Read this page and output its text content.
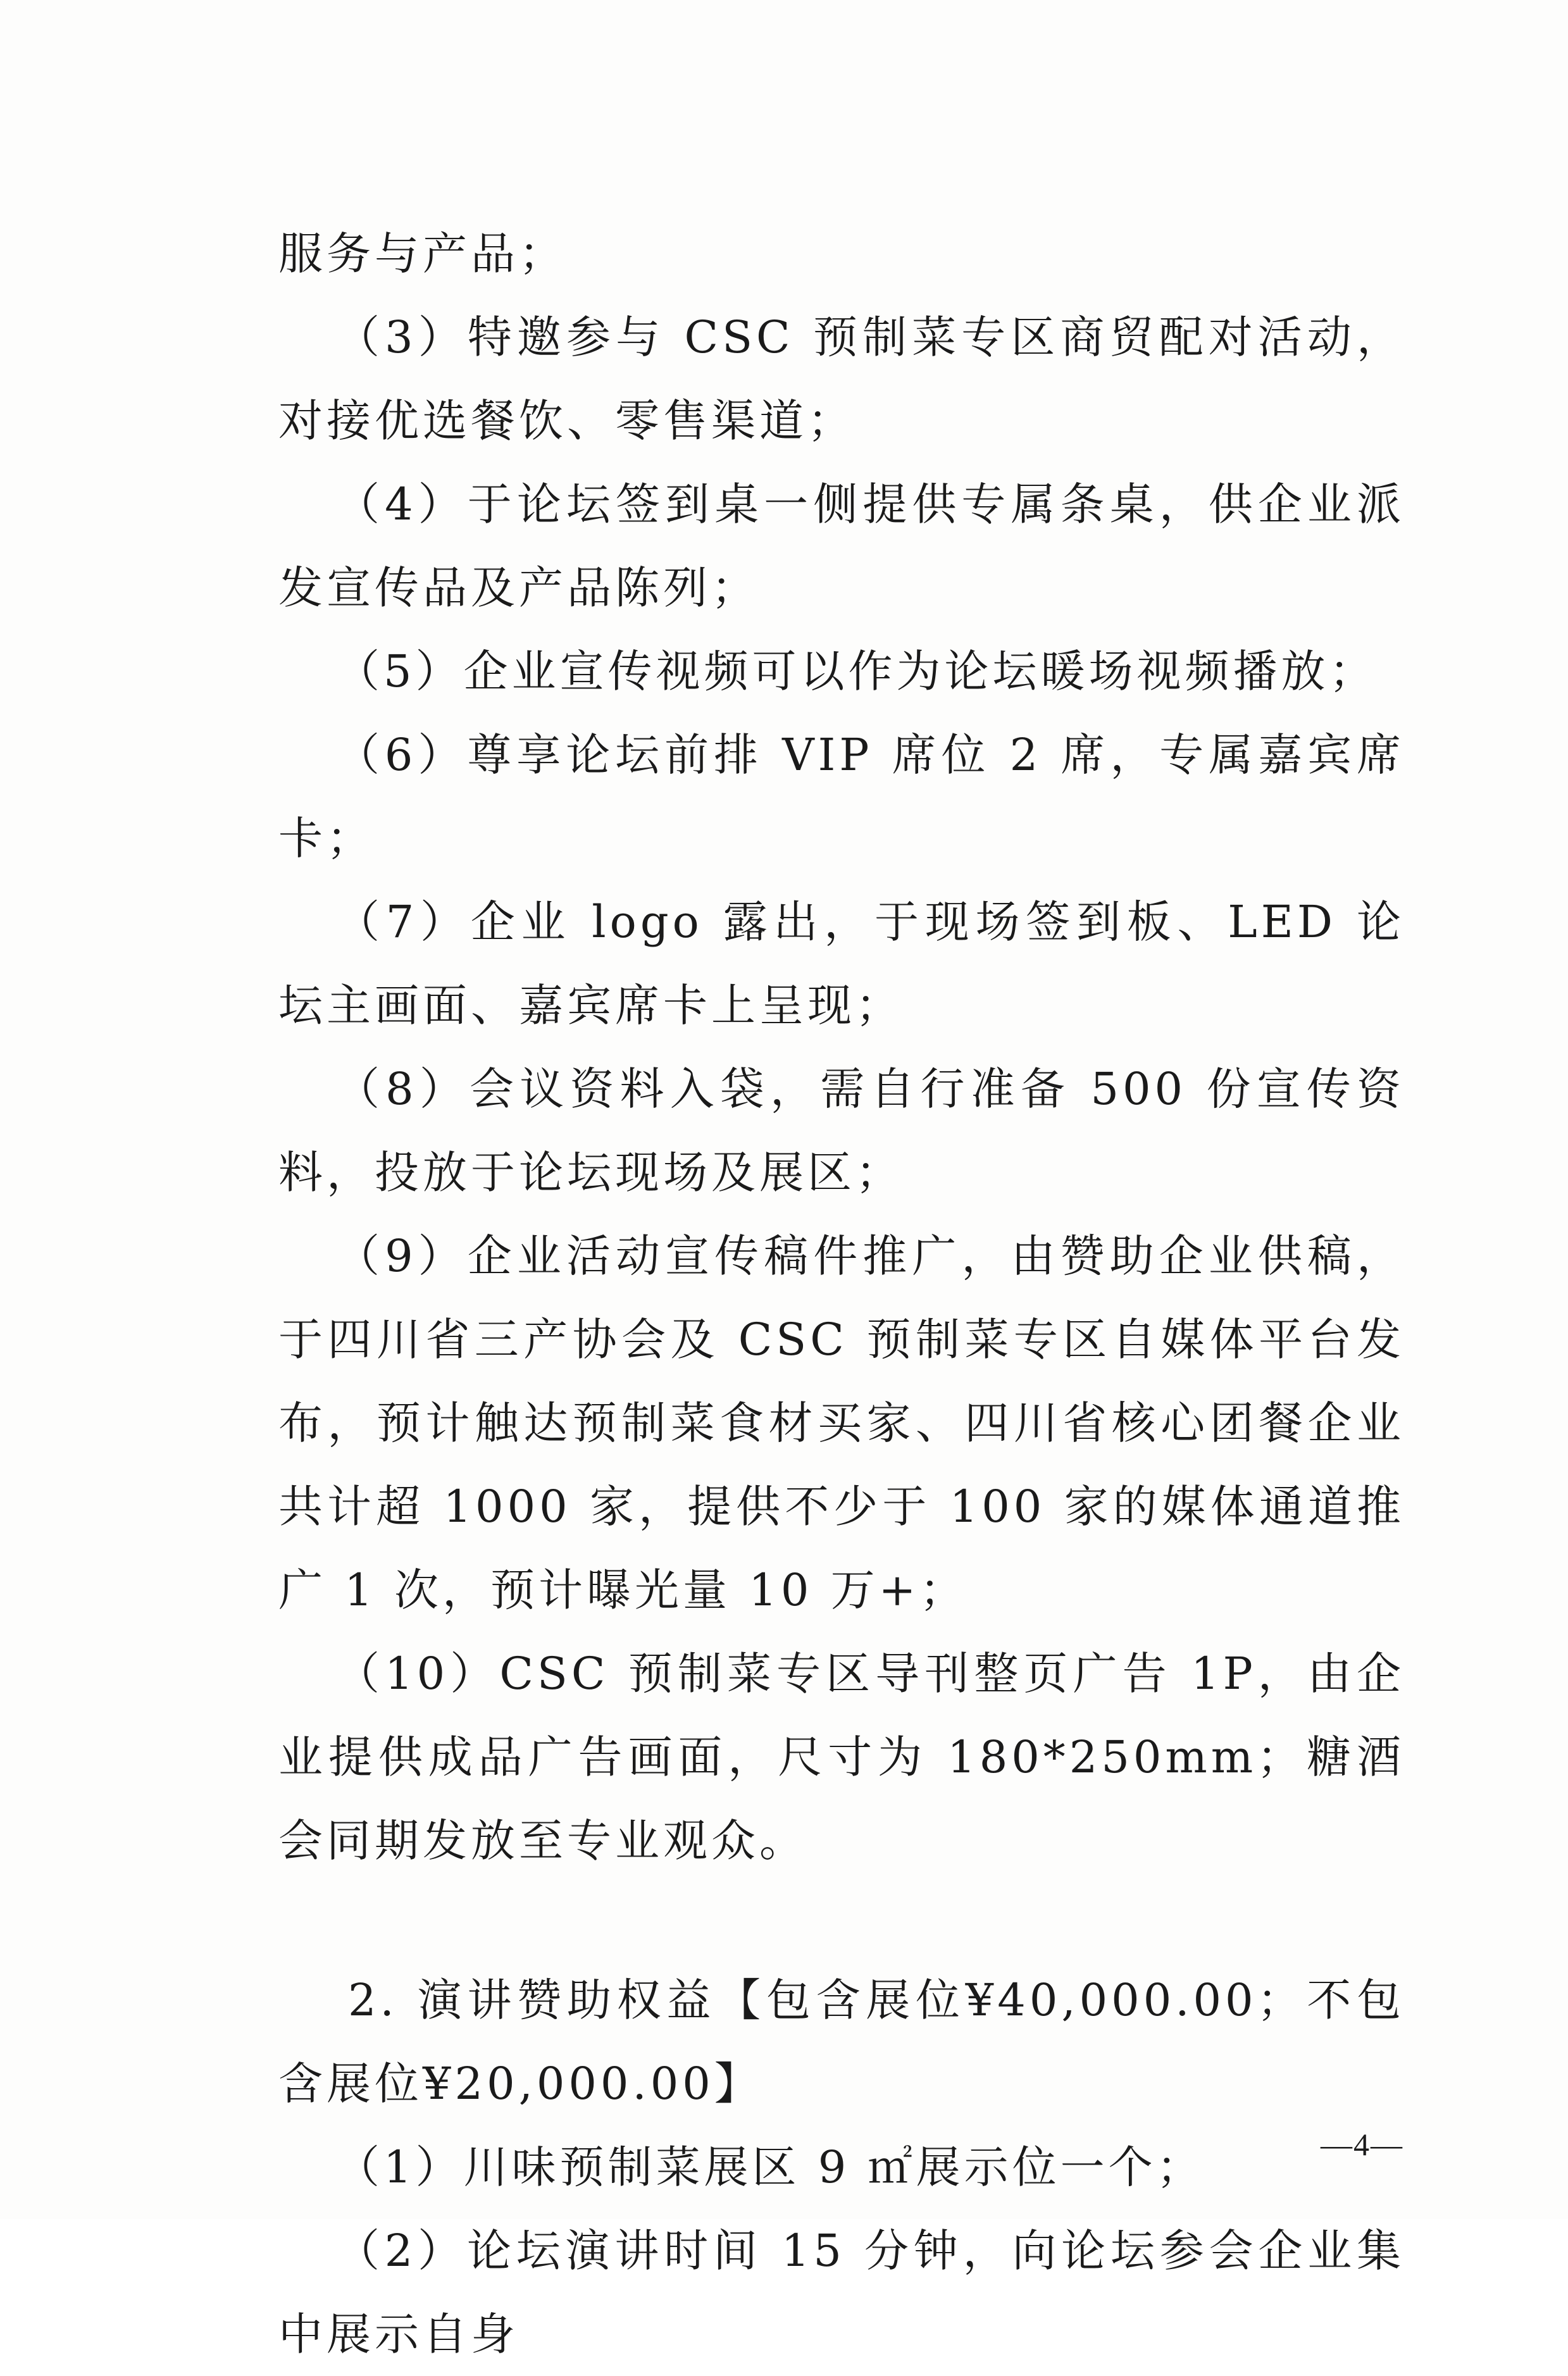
服务与产品；

（3）特邀参与 CSC 预制菜专区商贸配对活动，对接优选餐饮、零售渠道；

（4）于论坛签到桌一侧提供专属条桌，供企业派发宣传品及产品陈列；

（5）企业宣传视频可以作为论坛暖场视频播放；

（6）尊享论坛前排 VIP 席位 2 席，专属嘉宾席卡；

（7）企业 logo 露出，于现场签到板、LED 论坛主画面、嘉宾席卡上呈现；

（8）会议资料入袋，需自行准备 500 份宣传资料，投放于论坛现场及展区；

（9）企业活动宣传稿件推广，由赞助企业供稿，于四川省三产协会及 CSC 预制菜专区自媒体平台发布，预计触达预制菜食材买家、四川省核心团餐企业共计超 1000 家，提供不少于 100 家的媒体通道推广 1 次，预计曝光量 10 万+；

（10）CSC 预制菜专区导刊整页广告 1P，由企业提供成品广告画面，尺寸为 180*250mm；糖酒会同期发放至专业观众。

2. 演讲赞助权益【包含展位¥40,000.00；不包含展位¥20,000.00】

（1）川味预制菜展区 9 ㎡展示位一个；

（2）论坛演讲时间 15 分钟，向论坛参会企业集中展示自身

—4—
